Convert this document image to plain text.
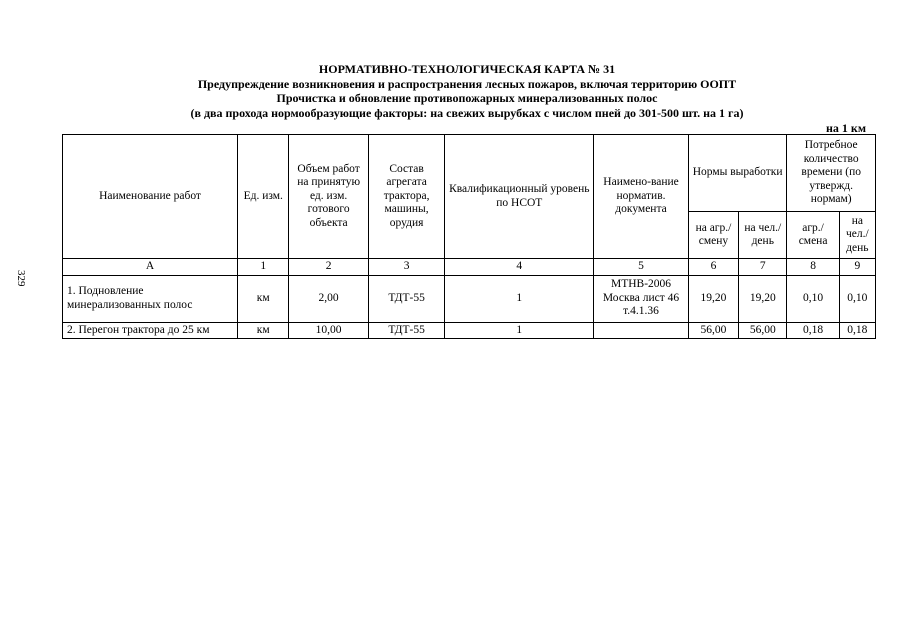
329
НОРМАТИВНО-ТЕХНОЛОГИЧЕСКАЯ КАРТА № 31
Предупреждение возникновения и распространения лесных пожаров, включая территорию ООПТ
Прочистка и обновление противопожарных минерализованных полос
(в два прохода нормообразующие факторы: на свежих вырубках с числом пней до 301-500 шт. на 1 га)
на 1 км
Наименование работ	Ед. изм.	Объем работ на принятую ед. изм. готового объекта	Состав агрегата трактора, машины, орудия	Квалификационный уровень по НСОТ	Наимено-вание норматив. документа	Нормы выработки		Потребное количество времени (по утвержд. нормам)	
						на агр./ смену	на чел./ день	агр./ смена	на чел./ день
А	1	2	3	4	5	6	7	8	9
1. Подновление минерализованных полос	км	2,00	ТДТ-55	1	МТНВ-2006 Москва лист 46 т.4.1.36	19,20	19,20	0,10	0,10
2. Перегон трактора до 25 км	км	10,00	ТДТ-55	1		56,00	56,00	0,18	0,18
